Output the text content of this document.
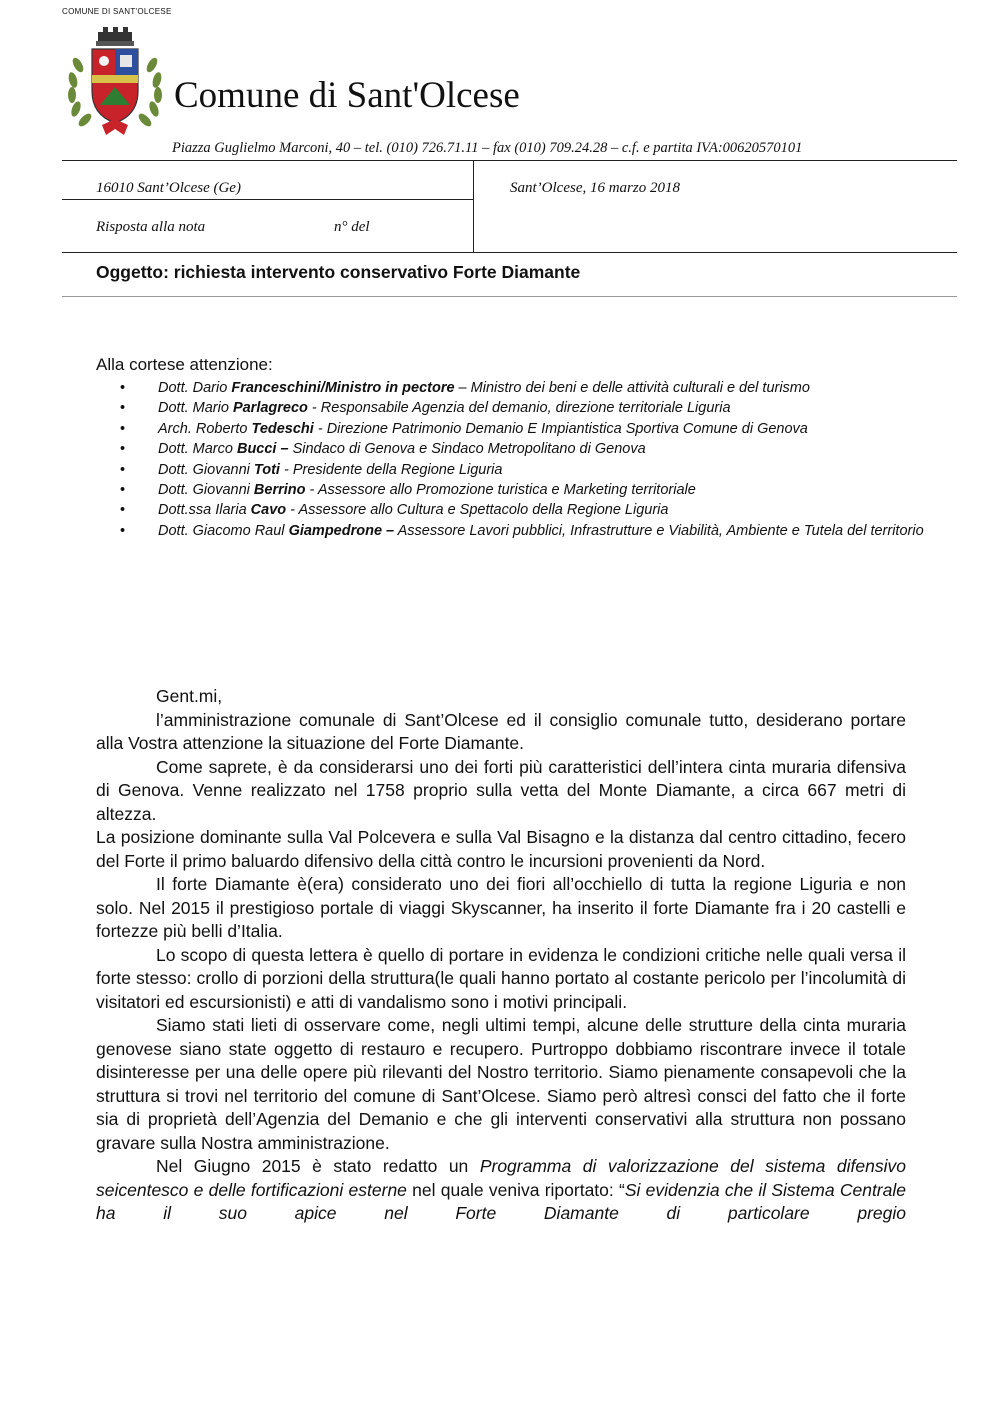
COMUNE DI SANT'OLCESE
Comune di Sant'Olcese
Piazza Guglielmo Marconi, 40 – tel. (010) 726.71.11 – fax (010) 709.24.28 – c.f. e partita IVA:00620570101
16010 Sant’Olcese (Ge)	Sant’Olcese, 16 marzo 2018
Risposta alla nota	n° del
Oggetto: richiesta intervento conservativo Forte Diamante
Alla cortese attenzione:
• Dott. Dario Franceschini/Ministro in pectore – Ministro dei beni e delle attività culturali e del turismo
• Dott. Mario Parlagreco - Responsabile Agenzia del demanio, direzione territoriale Liguria
• Arch. Roberto Tedeschi - Direzione Patrimonio Demanio E Impiantistica Sportiva Comune di Genova
• Dott. Marco Bucci – Sindaco di Genova e Sindaco Metropolitano di Genova
• Dott. Giovanni Toti - Presidente della Regione Liguria
• Dott. Giovanni Berrino - Assessore allo Promozione turistica e Marketing territoriale
• Dott.ssa Ilaria Cavo - Assessore allo Cultura e Spettacolo della Regione Liguria
• Dott. Giacomo Raul Giampedrone – Assessore Lavori pubblici, Infrastrutture e Viabilità, Ambiente e Tutela del territorio

Gent.mi,

l’amministrazione comunale di Sant’Olcese ed il consiglio comunale tutto, desiderano portare alla Vostra attenzione la situazione del Forte Diamante.

Come saprete, è da considerarsi uno dei forti più caratteristici dell’intera cinta muraria difensiva di Genova. Venne realizzato nel 1758 proprio sulla vetta del Monte Diamante, a circa 667 metri di altezza.

La posizione dominante sulla Val Polcevera e sulla Val Bisagno e la distanza dal centro cittadino, fecero del Forte il primo baluardo difensivo della città contro le incursioni provenienti da Nord.

Il forte Diamante è(era) considerato uno dei fiori all’occhiello di tutta la regione Liguria e non solo. Nel 2015 il prestigioso portale di viaggi Skyscanner, ha inserito il forte Diamante fra i 20 castelli e fortezze più belli d’Italia.

Lo scopo di questa lettera è quello di portare in evidenza le condizioni critiche nelle quali versa il forte stesso: crollo di porzioni della struttura(le quali hanno portato al costante pericolo per l’incolumità di visitatori ed escursionisti) e atti di vandalismo sono i motivi principali.

Siamo stati lieti di osservare come, negli ultimi tempi, alcune delle strutture della cinta muraria genovese siano state oggetto di restauro e recupero. Purtroppo dobbiamo riscontrare invece il totale disinteresse per una delle opere più rilevanti del Nostro territorio. Siamo pienamente consapevoli che la struttura si trovi nel territorio del comune di Sant’Olcese. Siamo però altresì consci del fatto che il forte sia di proprietà dell’Agenzia del Demanio e che gli interventi conservativi alla struttura non possano gravare sulla Nostra amministrazione.

Nel Giugno 2015 è stato redatto un Programma di valorizzazione del sistema difensivo seicentesco e delle fortificazioni esterne nel quale veniva riportato: “Si evidenzia che il Sistema Centrale ha il suo apice nel Forte Diamante di particolare pregio
